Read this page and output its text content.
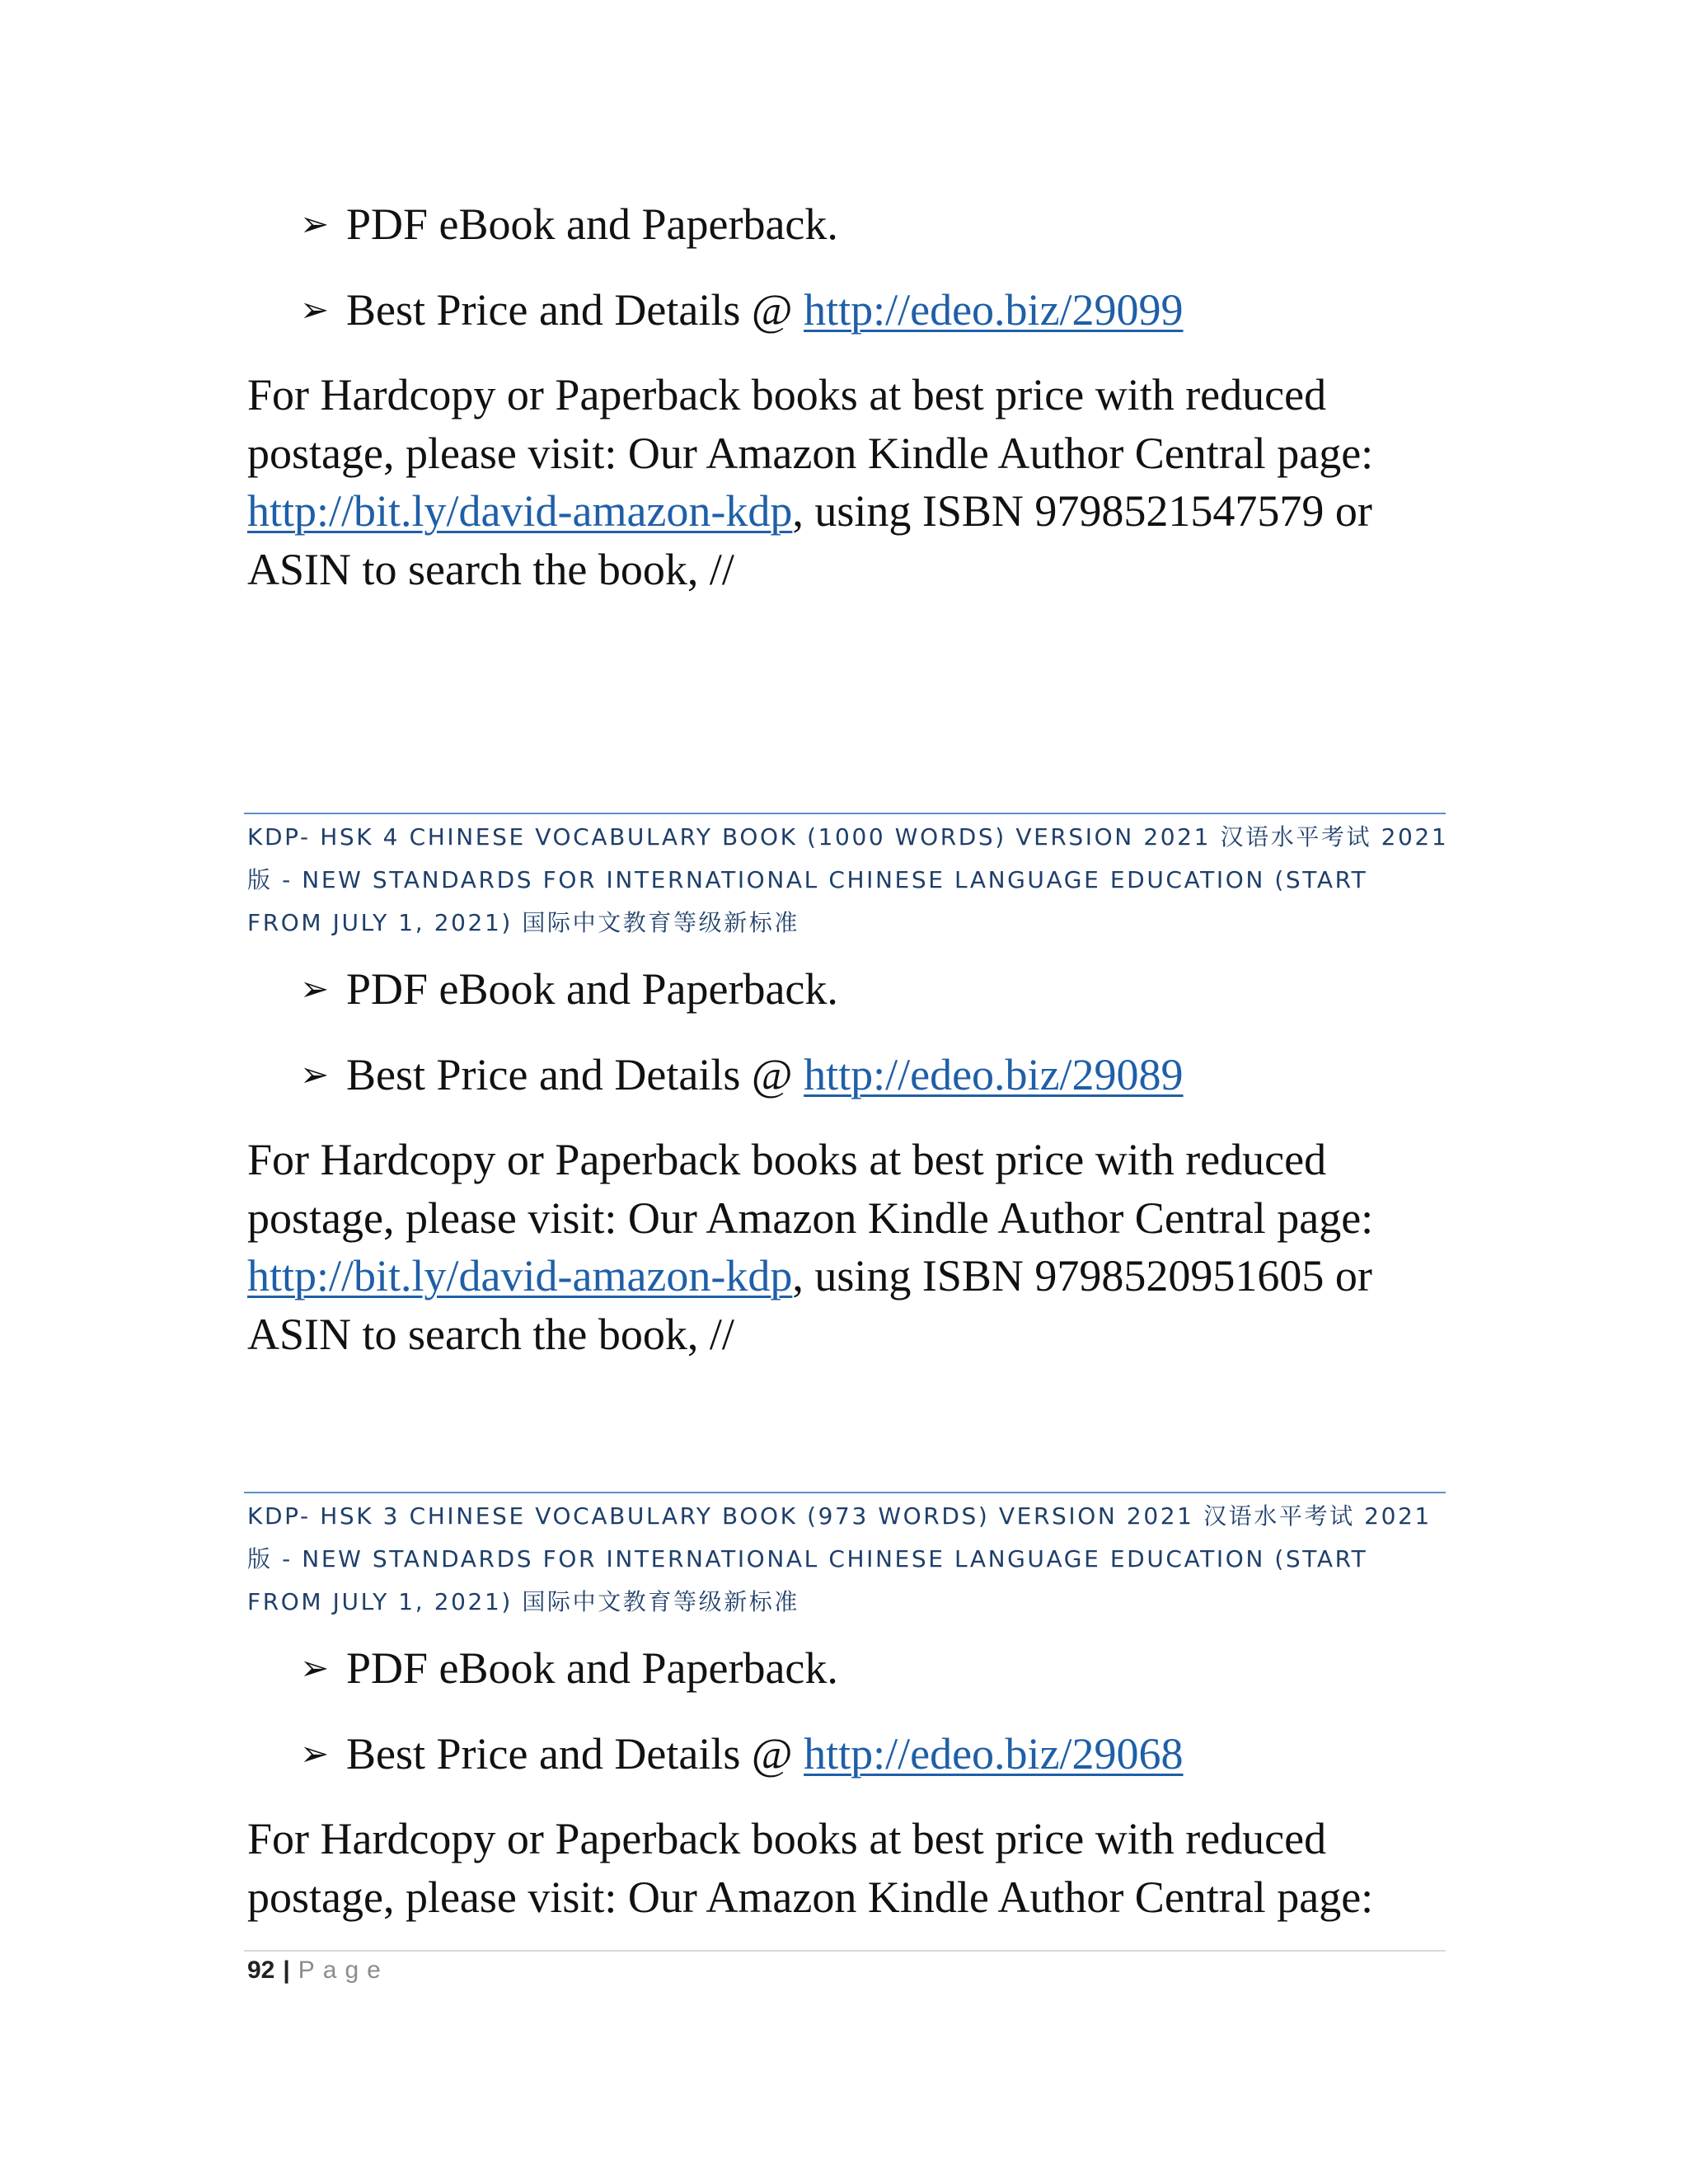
➢ PDF eBook and Paperback.
➢ Best Price and Details @ http://edeo.biz/29099
For Hardcopy or Paperback books at best price with reduced
postage, please visit: Our Amazon Kindle Author Central page:
http://bit.ly/david-amazon-kdp, using ISBN 9798521547579 or
ASIN to search the book, //
KDP- HSK 4 CHINESE VOCABULARY BOOK (1000 WORDS) VERSION 2021 汉语水平考试 2021
版 - NEW STANDARDS FOR INTERNATIONAL CHINESE LANGUAGE EDUCATION (START
FROM JULY 1, 2021) 国际中文教育等级新标准
➢ PDF eBook and Paperback.
➢ Best Price and Details @ http://edeo.biz/29089
For Hardcopy or Paperback books at best price with reduced
postage, please visit: Our Amazon Kindle Author Central page:
http://bit.ly/david-amazon-kdp, using ISBN 9798520951605 or
ASIN to search the book, //
KDP- HSK 3 CHINESE VOCABULARY BOOK (973 WORDS) VERSION 2021 汉语水平考试 2021
版 - NEW STANDARDS FOR INTERNATIONAL CHINESE LANGUAGE EDUCATION (START
FROM JULY 1, 2021) 国际中文教育等级新标准
➢ PDF eBook and Paperback.
➢ Best Price and Details @ http://edeo.biz/29068
For Hardcopy or Paperback books at best price with reduced
postage, please visit: Our Amazon Kindle Author Central page:
92 | Page
